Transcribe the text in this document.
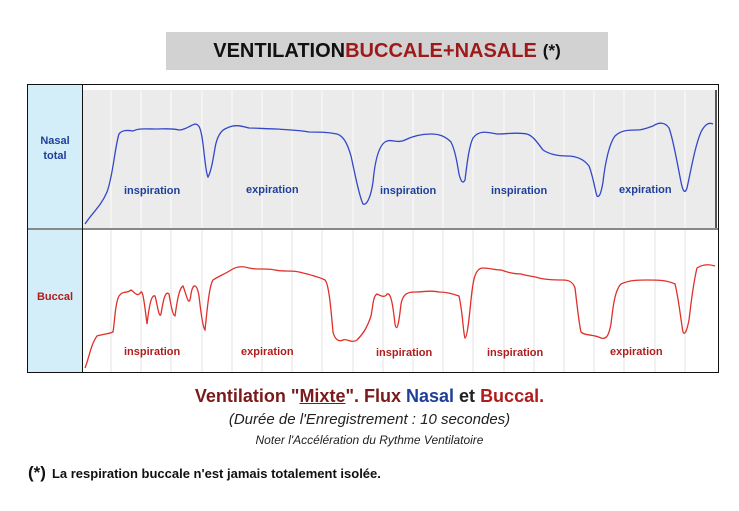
VENTILATION BUCCALE+NASALE (*)
Nasal
total
Buccal
inspiration	expiration	inspiration	inspiration	expiration
inspiration	expiration	inspiration	inspiration	expiration
Ventilation "Mixte". Flux Nasal et Buccal.
(Durée de l'Enregistrement : 10 secondes)
Noter l'Accélération du Rythme Ventilatoire
(*) La respiration buccale n'est jamais totalement isolée.
